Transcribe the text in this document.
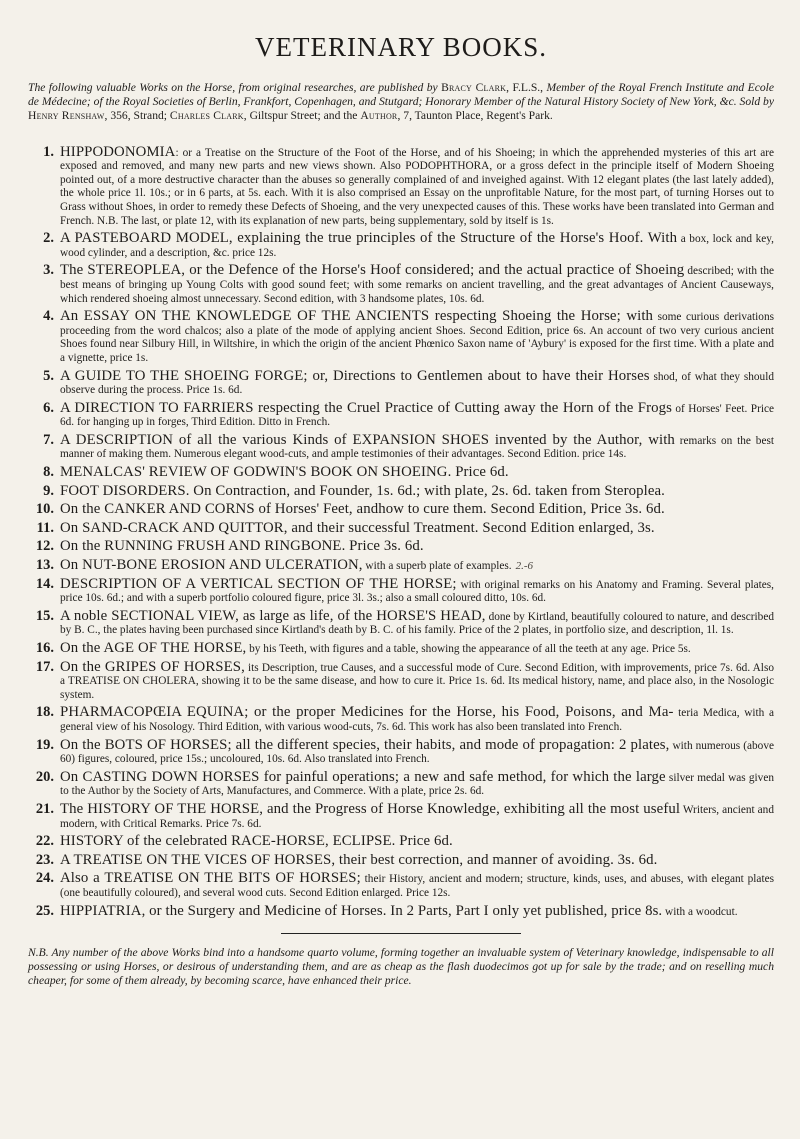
VETERINARY BOOKS.

The following valuable Works on the Horse, from original researches, are published by Bracy Clark, F.L.S., Member of the Royal French Institute and Ecole de Médecine; of the Royal Societies of Berlin, Frankfort, Copenhagen, and Stutgard; Honorary Member of the Natural History Society of New York, &c. Sold by Henry Renshaw, 356, Strand; Charles Clark, Giltspur Street; and the Author, 7, Taunton Place, Regent's Park.

1. HIPPODONOMIA: or a Treatise on the Structure of the Foot of the Horse, and of his Shoeing; in which the apprehended mysteries of this art are exposed and removed, and many new parts and new views shown. Also PODOPHTHORA, or a gross defect in the principle itself of Modern Shoeing pointed out, of a more destructive character than the abuses so generally complained of and inveighed against. With 12 elegant plates (the last lately added), the whole price 1l. 10s.; or in 6 parts, at 5s. each. With it is also comprised an Essay on the unprofitable Nature, for the most part, of turning Horses out to Grass without Shoes, in order to remedy these Defects of Shoeing, and the very unexpected causes of this. These works have been translated into German and French. N.B. The last, or plate 12, with its explanation of new parts, being supplementary, sold by itself is 1s.
2. A PASTEBOARD MODEL, explaining the true principles of the Structure of the Horse's Hoof. With a box, lock and key, wood cylinder, and a description, &c. price 12s.
3. The STEREOPLEA, or the Defence of the Horse's Hoof considered; and the actual practice of Shoeing described; with the best means of bringing up Young Colts with good sound feet; with some remarks on ancient travelling, and the great advantages of Ancient Causeways, which rendered shoeing almost unnecessary. Second edition, with 3 handsome plates, 10s. 6d.
4. An ESSAY ON THE KNOWLEDGE OF THE ANCIENTS respecting Shoeing the Horse; with some curious derivations proceeding from the word chalcos; also a plate of the mode of applying ancient Shoes. Second Edition, price 6s. An account of two very curious ancient Shoes found near Silbury Hill, in Wiltshire, in which the origin of the ancient Phœnico Saxon name of 'Aybury' is exposed for the first time. With a plate and a vignette, price 1s.
5. A GUIDE TO THE SHOEING FORGE; or, Directions to Gentlemen about to have their Horses shod, of what they should observe during the process. Price 1s. 6d.
6. A DIRECTION TO FARRIERS respecting the Cruel Practice of Cutting away the Horn of the Frogs of Horses' Feet. Price 6d. for hanging up in forges, Third Edition. Ditto in French.
7. A DESCRIPTION of all the various Kinds of EXPANSION SHOES invented by the Author, with remarks on the best manner of making them. Numerous elegant wood-cuts, and ample testimonies of their advantages. Second Edition. price 14s.
8. MENALCAS' REVIEW OF GODWIN'S BOOK ON SHOEING. Price 6d.
9. FOOT DISORDERS. On Contraction, and Founder, 1s. 6d.; with plate, 2s. 6d. taken from Steroplea.
10. On the CANKER AND CORNS of Horses' Feet, andhow to cure them. Second Edition, Price 3s. 6d.
11. On SAND-CRACK AND QUITTOR, and their successful Treatment. Second Edition enlarged, 3s.
12. On the RUNNING FRUSH AND RINGBONE. Price 3s. 6d.
13. On NUT-BONE EROSION AND ULCERATION, with a superb plate of examples. 2.-6
14. DESCRIPTION OF A VERTICAL SECTION OF THE HORSE; with original remarks on his Anatomy and Framing. Several plates, price 10s. 6d.; and with a superb portfolio coloured figure, price 3l. 3s.; also a small coloured ditto, 10s. 6d.
15. A noble SECTIONAL VIEW, as large as life, of the HORSE'S HEAD, done by Kirtland, beautifully coloured to nature, and described by B. C., the plates having been purchased since Kirtland's death by B. C. of his family. Price of the 2 plates, in portfolio size, and description, 1l. 1s.
16. On the AGE OF THE HORSE, by his Teeth, with figures and a table, showing the appearance of all the teeth at any age. Price 5s.
17. On the GRIPES OF HORSES, its Description, true Causes, and a successful mode of Cure. Second Edition, with improvements, price 7s. 6d. Also a TREATISE ON CHOLERA, showing it to be the same disease, and how to cure it. Price 1s. 6d. Its medical history, name, and place also, in the Nosologic system.
18. PHARMACOPŒIA EQUINA; or the proper Medicines for the Horse, his Food, Poisons, and Ma- teria Medica, with a general view of his Nosology. Third Edition, with various wood-cuts, 7s. 6d. This work has also been translated into French.
19. On the BOTS OF HORSES; all the different species, their habits, and mode of propagation: 2 plates, with numerous (above 60) figures, coloured, price 15s.; uncoloured, 10s. 6d. Also translated into French.
20. On CASTING DOWN HORSES for painful operations; a new and safe method, for which the large silver medal was given to the Author by the Society of Arts, Manufactures, and Commerce. With a plate, price 2s. 6d.
21. The HISTORY OF THE HORSE, and the Progress of Horse Knowledge, exhibiting all the most useful Writers, ancient and modern, with Critical Remarks. Price 7s. 6d.
22. HISTORY of the celebrated RACE-HORSE, ECLIPSE. Price 6d.
23. A TREATISE ON THE VICES OF HORSES, their best correction, and manner of avoiding. 3s. 6d.
24. Also a TREATISE ON THE BITS OF HORSES; their History, ancient and modern; structure, kinds, uses, and abuses, with elegant plates (one beautifully coloured), and several wood cuts. Second Edition enlarged. Price 12s.
25. HIPPIATRIA, or the Surgery and Medicine of Horses. In 2 Parts, Part I only yet published, price 8s. with a woodcut.

N.B. Any number of the above Works bind into a handsome quarto volume, forming together an invaluable system of Veterinary knowledge, indispensable to all possessing or using Horses, or desirous of understanding them, and are as cheap as the flash duodecimos got up for sale by the trade; and on reselling much cheaper, for some of them already, by becoming scarce, have enhanced their price.
